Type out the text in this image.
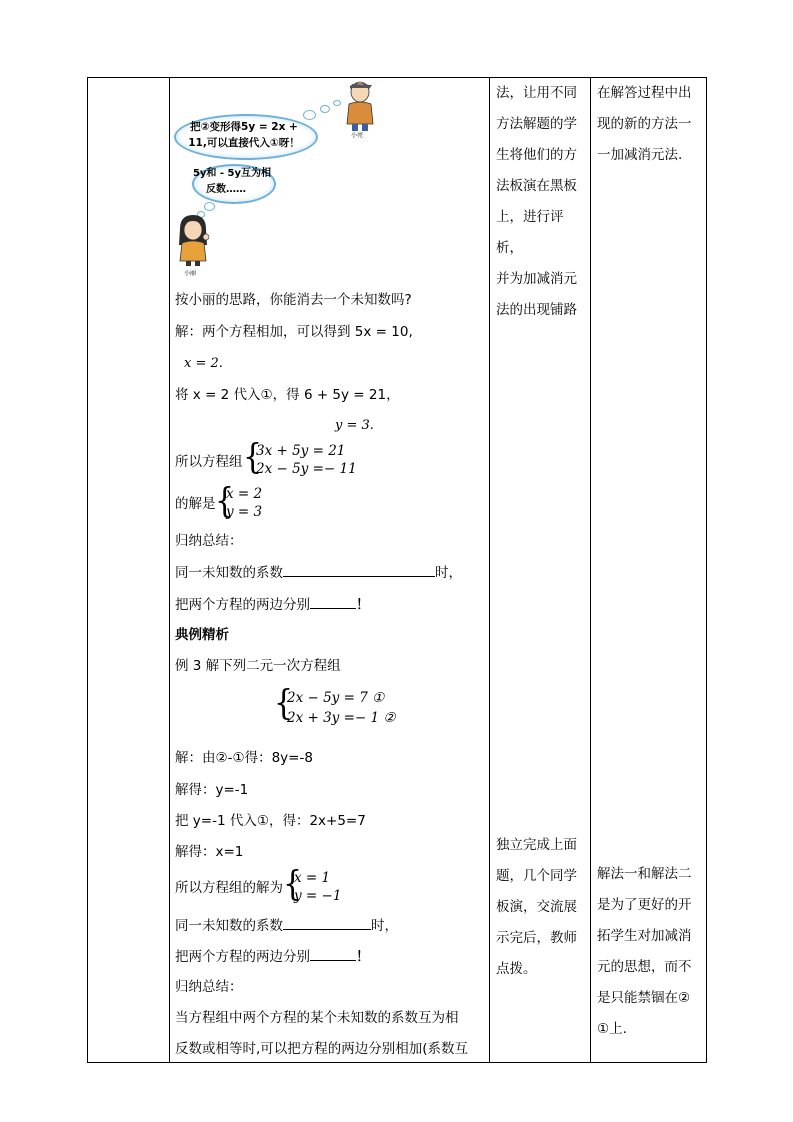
小亮
把②变形得5y = 2x +
11,可以直接代入①呀！
5y和 - 5y互为相
反数……
小丽
按小丽的思路，你能消去一个未知数吗?
解：两个方程相加，可以得到 5x = 10,
x = 2.
将 x = 2 代入①，得 6 + 5y = 21，
y = 3.
所以方程组 {
3x + 5y = 21
2x − 5y =− 11
的解是 {
x = 2
y = 3
归纳总结：
同一未知数的系数	时，
把两个方程的两边分别	！
典例精析
例 3 解下列二元一次方程组
{
2x − 5y = 7 ①
2x + 3y =− 1 ②
解：由②-①得：8y=-8
解得：y=-1
把 y=-1 代入①，得：2x+5=7
解得：x=1
所以方程组的解为 {
x = 1
y = −1
同一未知数的系数	时，
把两个方程的两边分别	！
归纳总结：
当方程组中两个方程的某个未知数的系数互为相
反数或相等时,可以把方程的两边分别相加(系数互
法，让用不同
方法解题的学
生将他们的方
法板演在黑板
上，进行评析，
并为加减消元
法的出现铺路
独立完成上面
题，几个同学
板演，交流展
示完后，教师
点拨。
在解答过程中出
现的新的方法一
一加减消元法.
解法一和解法二
是为了更好的开
拓学生对加减消
元的思想，而不
是只能禁锢在②
①上.
